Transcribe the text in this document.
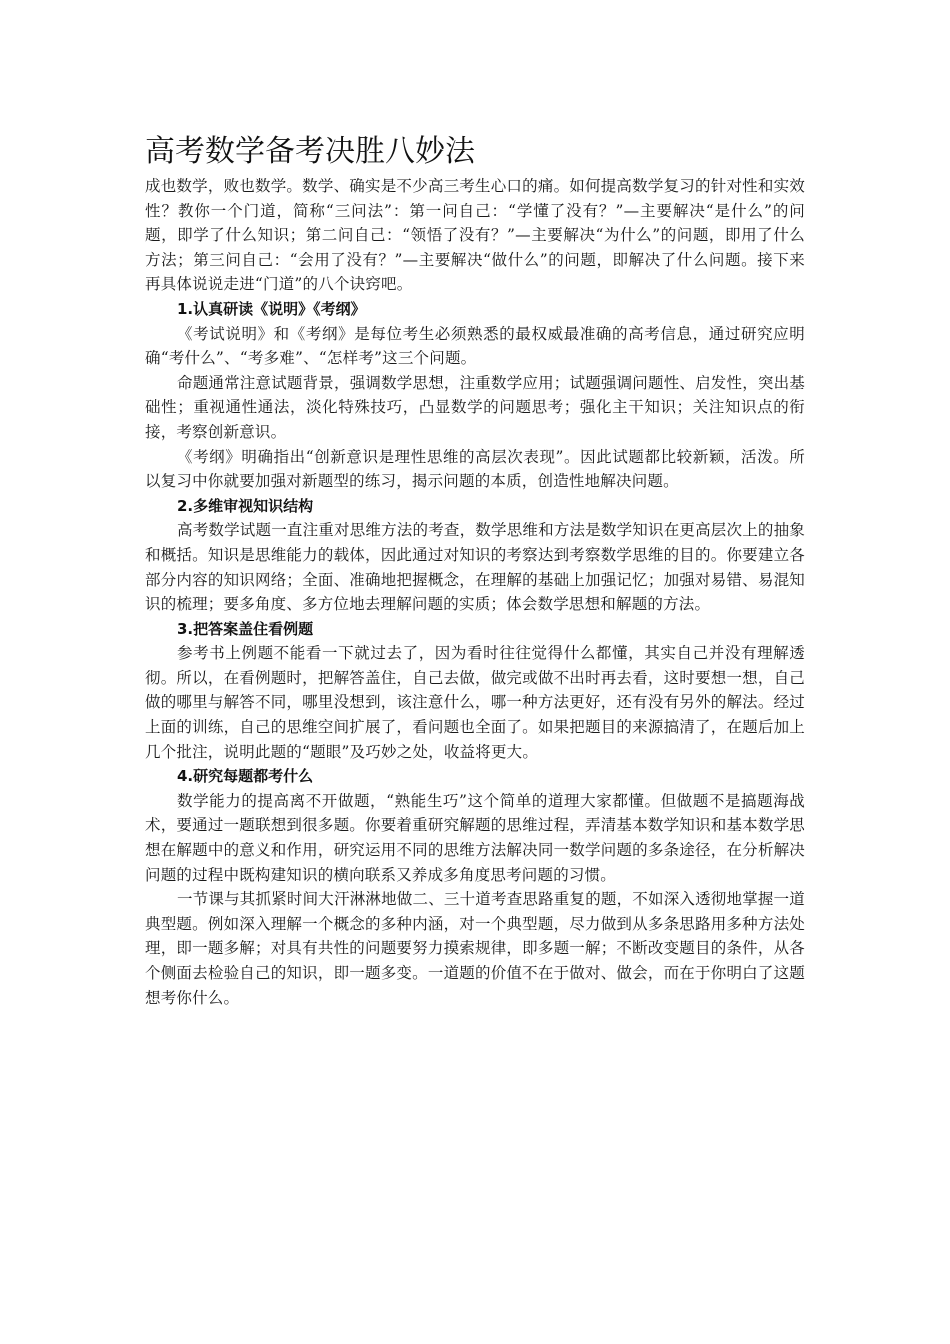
高考数学备考决胜八妙法

成也数学，败也数学。数学、确实是不少高三考生心口的痛。如何提高数学复习的针对性和实效性？教你一个门道，简称“三问法”：第一问自己：“学懂了没有？”—主要解决“是什么”的问题，即学了什么知识；第二问自己：“领悟了没有？”—主要解决“为什么”的问题，即用了什么方法；第三问自己：“会用了没有？”—主要解决“做什么”的问题，即解决了什么问题。接下来再具体说说走进“门道”的八个诀窍吧。

1.认真研读《说明》《考纲》

《考试说明》和《考纲》是每位考生必须熟悉的最权威最准确的高考信息，通过研究应明确“考什么”、“考多难”、“怎样考”这三个问题。

命题通常注意试题背景，强调数学思想，注重数学应用；试题强调问题性、启发性，突出基础性；重视通性通法，淡化特殊技巧，凸显数学的问题思考；强化主干知识；关注知识点的衔接，考察创新意识。

《考纲》明确指出“创新意识是理性思维的高层次表现”。因此试题都比较新颖，活泼。所以复习中你就要加强对新题型的练习，揭示问题的本质，创造性地解决问题。

2.多维审视知识结构

高考数学试题一直注重对思维方法的考查，数学思维和方法是数学知识在更高层次上的抽象和概括。知识是思维能力的载体，因此通过对知识的考察达到考察数学思维的目的。你要建立各部分内容的知识网络；全面、准确地把握概念，在理解的基础上加强记忆；加强对易错、易混知识的梳理；要多角度、多方位地去理解问题的实质；体会数学思想和解题的方法。

3.把答案盖住看例题

参考书上例题不能看一下就过去了，因为看时往往觉得什么都懂，其实自己并没有理解透彻。所以，在看例题时，把解答盖住，自己去做，做完或做不出时再去看，这时要想一想，自己做的哪里与解答不同，哪里没想到，该注意什么，哪一种方法更好，还有没有另外的解法。经过上面的训练，自己的思维空间扩展了，看问题也全面了。如果把题目的来源搞清了，在题后加上几个批注，说明此题的“题眼”及巧妙之处，收益将更大。

4.研究每题都考什么

数学能力的提高离不开做题，“熟能生巧”这个简单的道理大家都懂。但做题不是搞题海战术，要通过一题联想到很多题。你要着重研究解题的思维过程，弄清基本数学知识和基本数学思想在解题中的意义和作用，研究运用不同的思维方法解决同一数学问题的多条途径，在分析解决问题的过程中既构建知识的横向联系又养成多角度思考问题的习惯。

一节课与其抓紧时间大汗淋淋地做二、三十道考查思路重复的题，不如深入透彻地掌握一道典型题。例如深入理解一个概念的多种内涵，对一个典型题，尽力做到从多条思路用多种方法处理，即一题多解；对具有共性的问题要努力摸索规律，即多题一解；不断改变题目的条件，从各个侧面去检验自己的知识，即一题多变。一道题的价值不在于做对、做会，而在于你明白了这题想考你什么。
